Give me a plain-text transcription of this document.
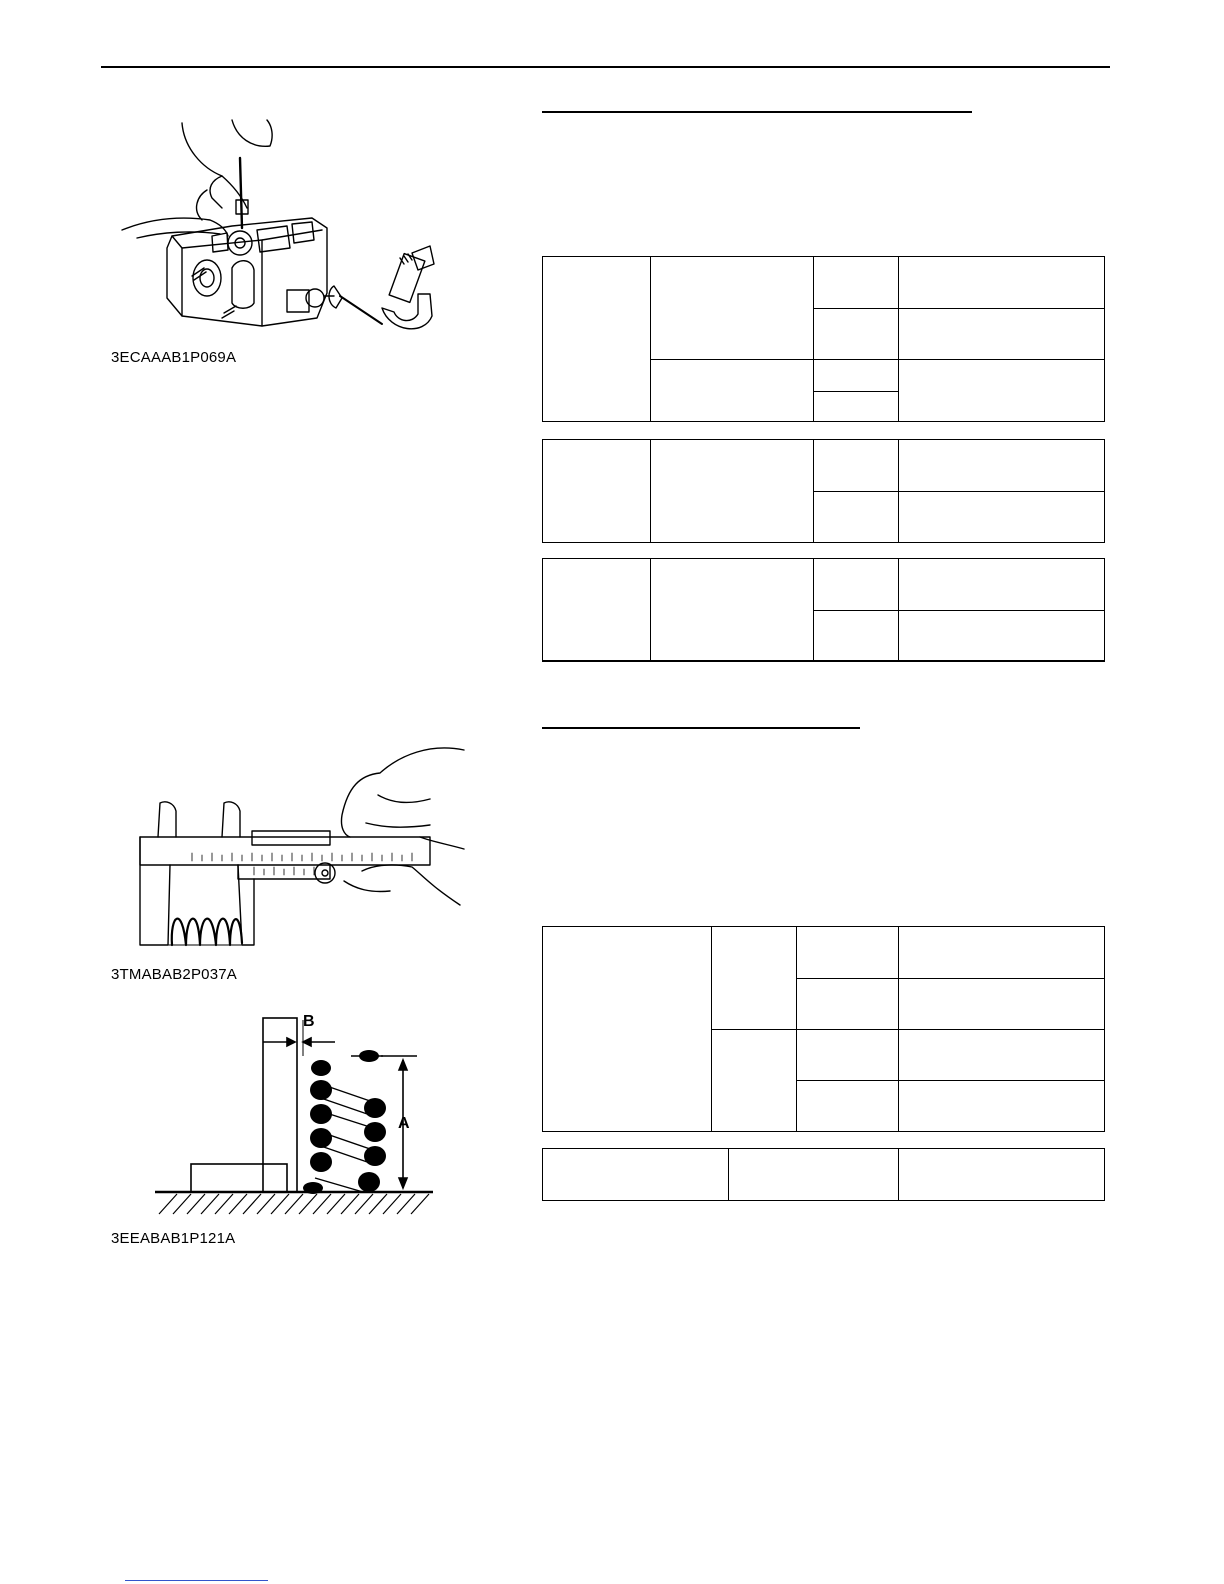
3ECAAAB1P069A
3TMABAB2P037A
B
A
3EEABAB1P121A
